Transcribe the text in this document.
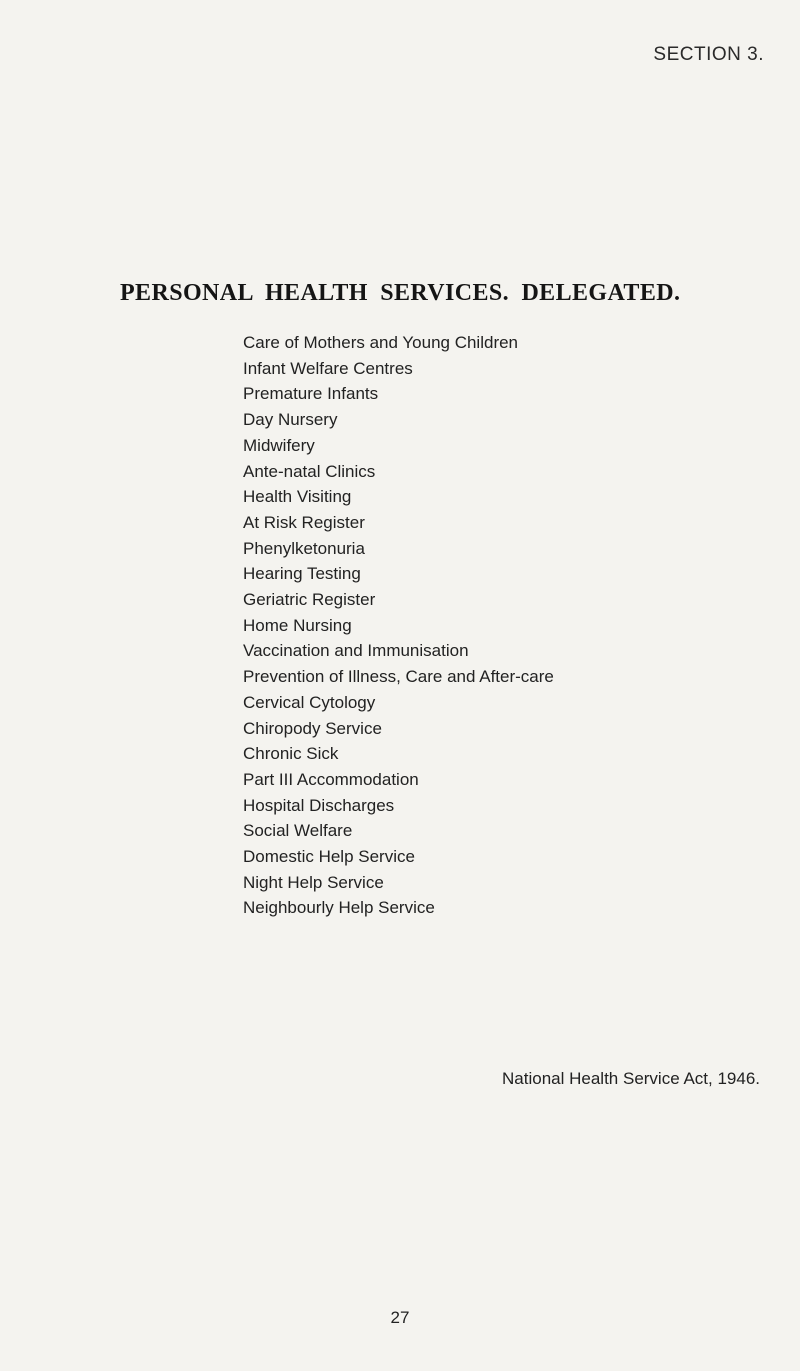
SECTION 3.
PERSONAL HEALTH SERVICES. DELEGATED.
Care of Mothers and Young Children
Infant Welfare Centres
Premature Infants
Day Nursery
Midwifery
Ante-natal Clinics
Health Visiting
At Risk Register
Phenylketonuria
Hearing Testing
Geriatric Register
Home Nursing
Vaccination and Immunisation
Prevention of Illness, Care and After-care
Cervical Cytology
Chiropody Service
Chronic Sick
Part III Accommodation
Hospital Discharges
Social Welfare
Domestic Help Service
Night Help Service
Neighbourly Help Service
National Health Service Act, 1946.
27
